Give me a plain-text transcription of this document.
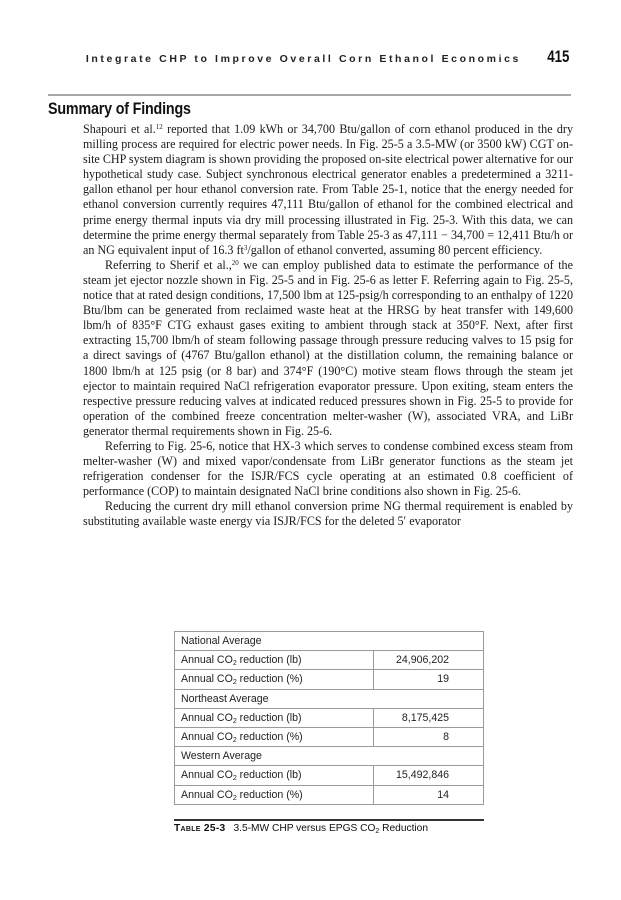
Integrate CHP to Improve Overall Corn Ethanol Economics 415
Summary of Findings

Shapouri et al.$^{12}$ reported that 1.09 kWh or 34,700 Btu/gallon of corn ethanol produced in the dry milling process are required for electric power needs. In Fig. 25-5 a 3.5-MW (or 3500 kW) CGT on-site CHP system diagram is shown providing the proposed on-site electrical power alternative for our hypothetical study case. Subject synchronous electrical generator enables a predetermined a 3211-gallon ethanol per hour ethanol conversion rate. From Table 25-1, notice that the energy needed for ethanol conversion currently requires 47,111 Btu/gallon of ethanol for the combined electrical and prime energy thermal inputs via dry mill processing illustrated in Fig. 25-3. With this data, we can determine the prime energy thermal separately from Table 25-3 as 47,111 − 34,700 = 12,411 Btu/h or an NG equivalent input of 16.3 $ft^3$/gallon of ethanol converted, assuming 80 percent efficiency.

Referring to Sherif et al.,$^{20}$ we can employ published data to estimate the performance of the steam jet ejector nozzle shown in Fig. 25-5 and in Fig. 25-6 as letter F. Referring again to Fig. 25-5, notice that at rated design conditions, 17,500 lbm at 125-psig/h corresponding to an enthalpy of 1220 Btu/lbm can be generated from reclaimed waste heat at the HRSG by heat transfer with 149,600 lbm/h of 835°F CTG exhaust gases exiting to ambient through stack at 350°F. Next, after first extracting 15,700 lbm/h of steam following passage through pressure reducing valves to 15 psig for a direct savings of (4767 Btu/gallon ethanol) at the distillation column, the remaining balance or 1800 lbm/h at 125 psig (or 8 bar) and 374°F (190°C) motive steam flows through the steam jet ejector to maintain required NaCl refrigeration evaporator pressure. Upon exiting, steam enters the respective pressure reducing valves at indicated reduced pressures shown in Fig. 25-5 to provide for operation of the combined freeze concentration melter-washer (W), associated VRA, and LiBr generator thermal requirements shown in Fig. 25-6.

Referring to Fig. 25-6, notice that HX-3 which serves to condense combined excess steam from melter-washer (W) and mixed vapor/condensate from LiBr generator functions as the steam jet refrigeration condenser for the ISJR/FCS cycle operating at an estimated 0.8 coefficient of performance (COP) to maintain designated NaCl brine conditions also shown in Fig. 25-6.

Reducing the current dry mill ethanol conversion prime NG thermal requirement is enabled by substituting available waste energy via ISJR/FCS for the deleted 5′ evaporator

National Average	
Annual $CO_2$ reduction (lb)	24,906,202
Annual $CO_2$ reduction (%)	19
Northeast Average	
Annual $CO_2$ reduction (lb)	8,175,425
Annual $CO_2$ reduction (%)	8
Western Average	
Annual $CO_2$ reduction (lb)	15,492,846
Annual $CO_2$ reduction (%)	14
Table 25-3 3.5-MW CHP versus EPGS $CO_2$ Reduction
